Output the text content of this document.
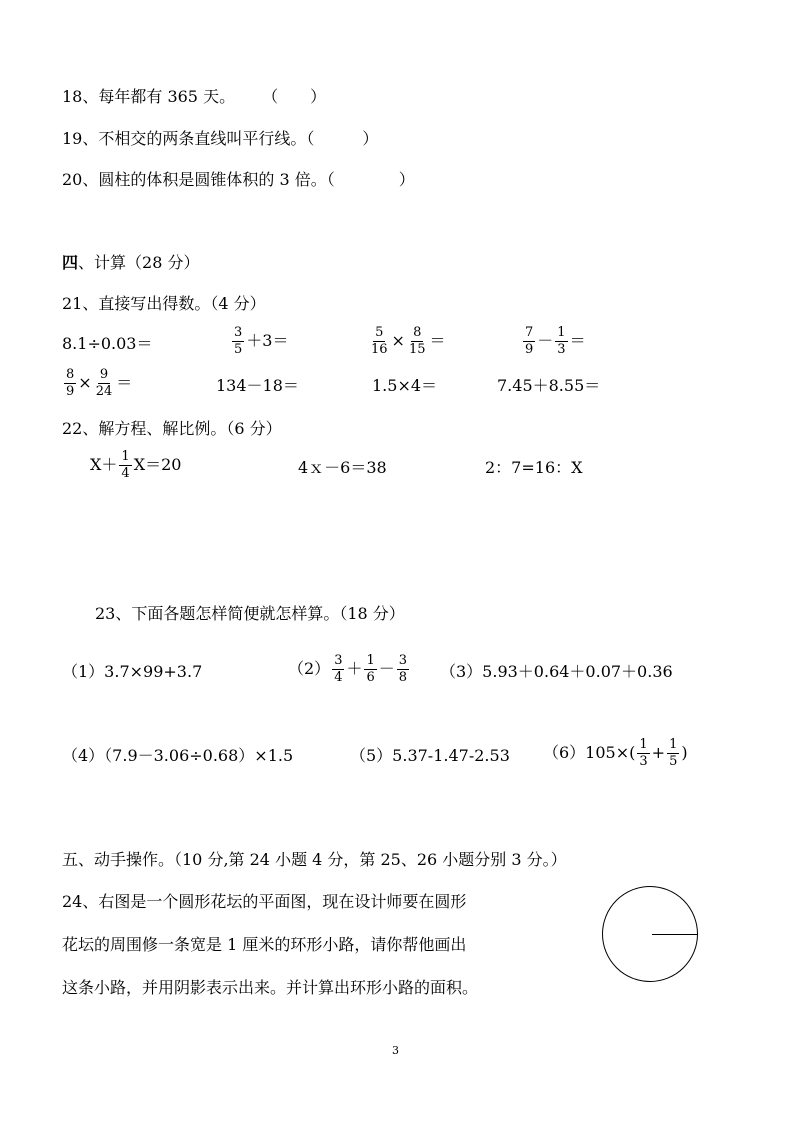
18、每年都有 365 天。 （　　）
19、不相交的两条直线叫平行线。（　　　）
20、圆柱的体积是圆锥体积的 3 倍。（　　　　）
四、计算（28 分）
21、直接写出得数。（4 分）
8.1÷0.03＝	$\frac{3}{5} +3=$	$\frac{5}{16} \times \frac{8}{15}$ ＝	$\frac{7}{9} - \frac{1}{3}$ ＝
$\frac{8}{9} \times \frac{9}{24}$ ＝	134－18＝	1.5×4＝	7.45＋8.55＝
22、解方程、解比例。（6 分）
$X+ \frac{1}{4} X=20$	4ｘ－6＝38	2：7=16：X
23、下面各题怎样简便就怎样算。（18 分）
（1）3.7×99+3.7	$(2) \frac{3}{4} + \frac{1}{6} - \frac{3}{8} (3)5.93+0.64+0.07+0.36$
（4）（7.9－3.06÷0.68）×1.5	（5）5.37-1.47-2.53 $(6)105\times( \frac{1}{3} + \frac{1}{5}$ )
五、动手操作。（10 分,第 24 小题 4 分，第 25、26 小题分别 3 分。）
24、右图是一个圆形花坛的平面图，现在设计师要在圆形
花坛的周围修一条宽是 1 厘米的环形小路，请你帮他画出
这条小路，并用阴影表示出来。并计算出环形小路的面积。
3
